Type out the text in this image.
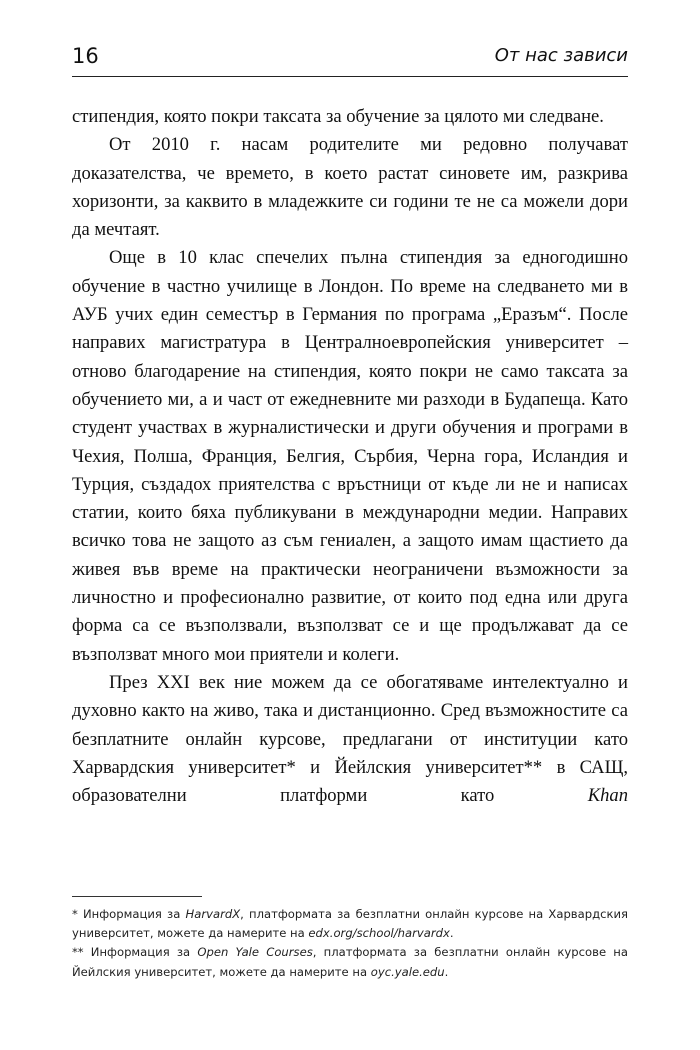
16	От нас зависи

стипендия, която покри таксата за обучение за цялото ми следване.

От 2010 г. насам родителите ми редовно получават доказателства, че времето, в което растат синовете им, разкрива хоризонти, за каквито в младежките си години те не са можели дори да мечтаят.

Още в 10 клас спечелих пълна стипендия за едногодишно обучение в частно училище в Лондон. По време на следването ми в АУБ учих един семестър в Германия по програма „Еразъм“. После направих магистратура в Централноевропейския университет – отново благодарение на стипендия, която покри не само таксата за обучението ми, а и част от ежедневните ми разходи в Будапеща. Като студент участвах в журналистически и други обучения и програми в Чехия, Полша, Франция, Белгия, Сърбия, Черна гора, Исландия и Турция, създадох приятелства с връстници от къде ли не и написах статии, които бяха публикувани в международни медии. Направих всичко това не защото аз съм гениален, а защото имам щастието да живея във време на практически неограничени възможности за личностно и професионално развитие, от които под една или друга форма са се възползвали, възползват се и ще продължават да се възползват много мои приятели и колеги.

През XXI век ние можем да се обогатяваме интелектуално и духовно както на живо, така и дистанционно. Сред възможностите са безплатните онлайн курсове, предлагани от институции като Харвардския университет* и Йейлския университет** в САЩ, образователни платформи като Khan

* Информация за HarvardX, платформата за безплатни онлайн курсове на Харвардския университет, можете да намерите на edx.org/school/harvardx.

** Информация за Open Yale Courses, платформата за безплатни онлайн курсове на Йейлския университет, можете да намерите на oyc.yale.edu.
